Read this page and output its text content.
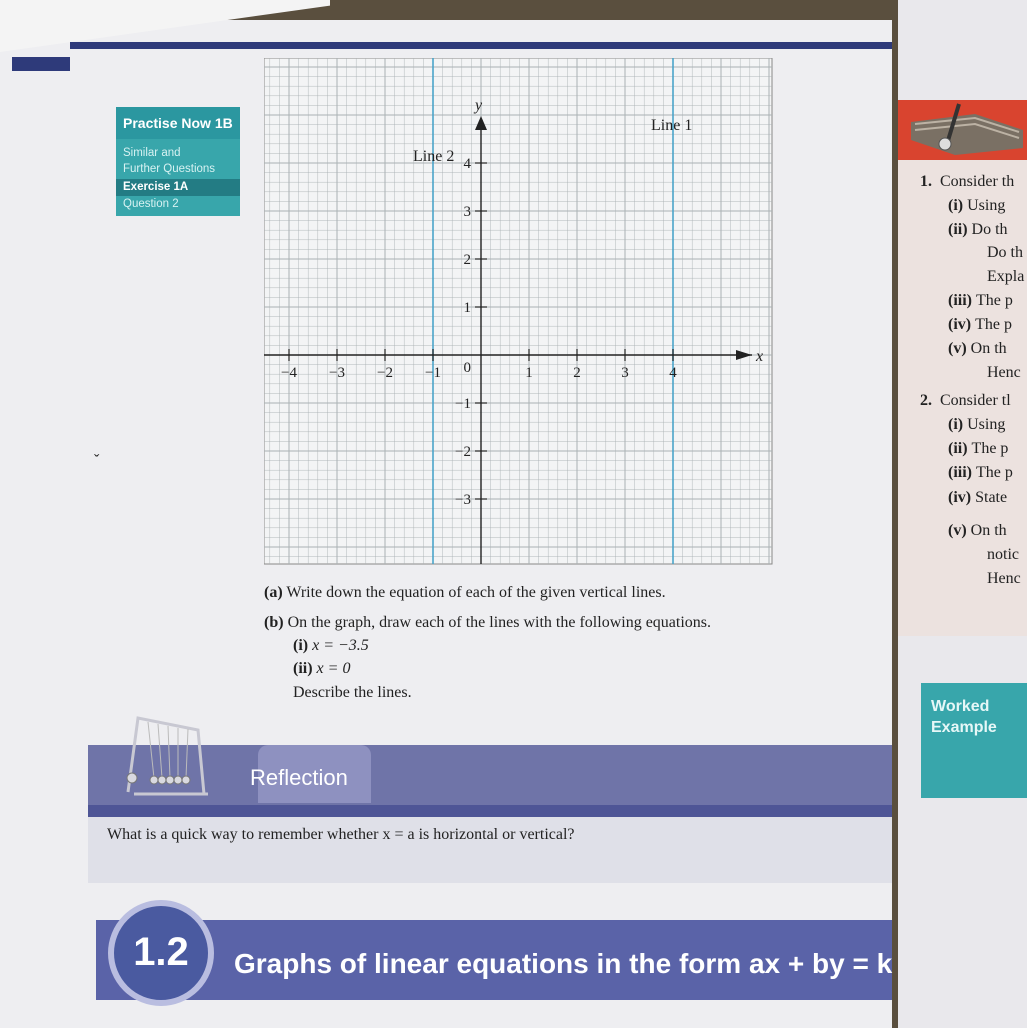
Practise Now 1B
Similar and
Further Questions
Exercise 1A
Question 2
−4 −3 −2 −1	1	2	3	4
4
3
2
1
−1
−2
−3
x
y
0
Line 1
Line 2
(a) Write down the equation of each of the given vertical lines.
(b) On the graph, draw each of the lines with the following equations.
(i) x = −3.5
(ii) x = 0
Describe the lines.
ˇ
Reflection
What is a quick way to remember whether x = a is horizontal or vertical?
1.2	Graphs of linear equations in the form ax + by = k
1. Consider th
(i) Using
(ii) Do th
Do th
Expla
(iii) The p
(iv) The p
(v) On th
Henc
2. Consider tl
(i) Using
(ii) The p
(iii) The p
(iv) State
(v) On th
notic
Henc
Worked
Example
